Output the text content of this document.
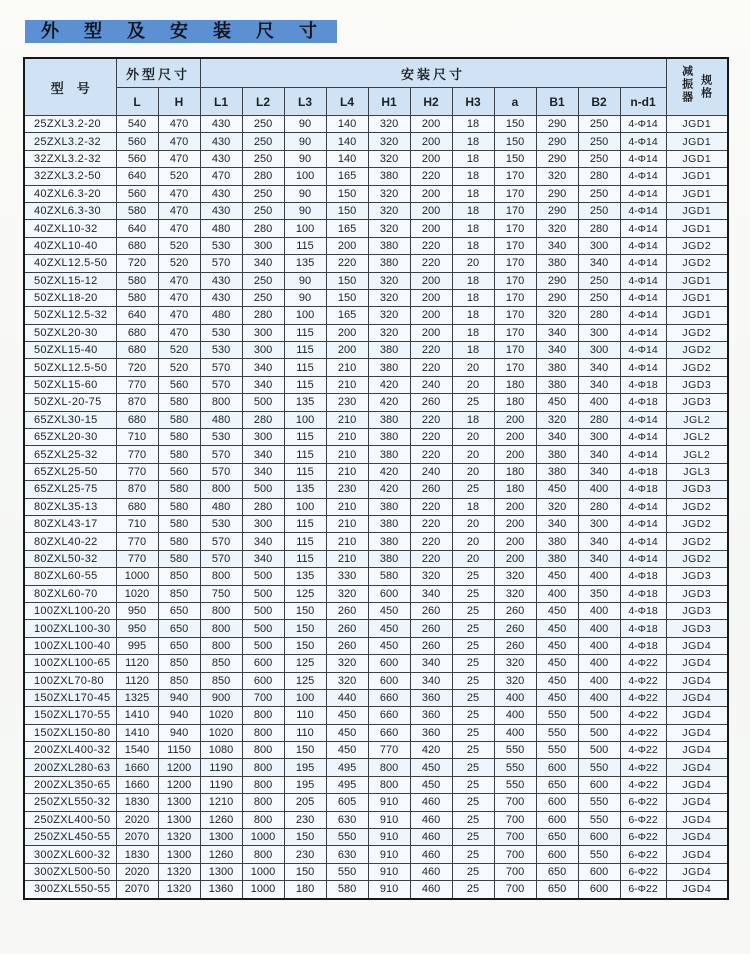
外 型 及 安 装 尺 寸
型　号	外型尺寸		安装尺寸											减振器 规格

	L	H	L1	L2	L3	L4	H1	H2	H3	a	B1	B2	n-d1	
25ZXL3.2-20	540	470	430	250	90	140	320	200	18	150	290	250	4-Φ14	JGD1
25ZXL3.2-32	560	470	430	250	90	140	320	200	18	150	290	250	4-Φ14	JGD1
32ZXL3.2-32	560	470	430	250	90	140	320	200	18	150	290	250	4-Φ14	JGD1
32ZXL3.2-50	640	520	470	280	100	165	380	220	18	170	320	280	4-Φ14	JGD1
40ZXL6.3-20	560	470	430	250	90	150	320	200	18	170	290	250	4-Φ14	JGD1
40ZXL6.3-30	580	470	430	250	90	150	320	200	18	170	290	250	4-Φ14	JGD1
40ZXL10-32	640	470	480	280	100	165	320	200	18	170	320	280	4-Φ14	JGD1
40ZXL10-40	680	520	530	300	115	200	380	220	18	170	340	300	4-Φ14	JGD2
40ZXL12.5-50	720	520	570	340	135	220	380	220	20	170	380	340	4-Φ14	JGD2
50ZXL15-12	580	470	430	250	90	150	320	200	18	170	290	250	4-Φ14	JGD1
50ZXL18-20	580	470	430	250	90	150	320	200	18	170	290	250	4-Φ14	JGD1
50ZXL12.5-32	640	470	480	280	100	165	320	200	18	170	320	280	4-Φ14	JGD1
50ZXL20-30	680	470	530	300	115	200	320	200	18	170	340	300	4-Φ14	JGD2
50ZXL15-40	680	520	530	300	115	200	380	220	18	170	340	300	4-Φ14	JGD2
50ZXL12.5-50	720	520	570	340	115	210	380	220	20	170	380	340	4-Φ14	JGD2
50ZXL15-60	770	560	570	340	115	210	420	240	20	180	380	340	4-Φ18	JGD3
50ZXL-20-75	870	580	800	500	135	230	420	260	25	180	450	400	4-Φ18	JGD3
65ZXL30-15	680	580	480	280	100	210	380	220	18	200	320	280	4-Φ14	JGL2
65ZXL20-30	710	580	530	300	115	210	380	220	20	200	340	300	4-Φ14	JGL2
65ZXL25-32	770	580	570	340	115	210	380	220	20	200	380	340	4-Φ14	JGL2
65ZXL25-50	770	560	570	340	115	210	420	240	20	180	380	340	4-Φ18	JGL3
65ZXL25-75	870	580	800	500	135	230	420	260	25	180	450	400	4-Φ18	JGD3
80ZXL35-13	680	580	480	280	100	210	380	220	18	200	320	280	4-Φ14	JGD2
80ZXL43-17	710	580	530	300	115	210	380	220	20	200	340	300	4-Φ14	JGD2
80ZXL40-22	770	580	570	340	115	210	380	220	20	200	380	340	4-Φ14	JGD2
80ZXL50-32	770	580	570	340	115	210	380	220	20	200	380	340	4-Φ14	JGD2
80ZXL60-55	1000	850	800	500	135	330	580	320	25	320	450	400	4-Φ18	JGD3
80ZXL60-70	1020	850	750	500	125	320	600	340	25	320	400	350	4-Φ18	JGD3
100ZXL100-20	950	650	800	500	150	260	450	260	25	260	450	400	4-Φ18	JGD3
100ZXL100-30	950	650	800	500	150	260	450	260	25	260	450	400	4-Φ18	JGD3
100ZXL100-40	995	650	800	500	150	260	450	260	25	260	450	400	4-Φ18	JGD4
100ZXL100-65	1120	850	850	600	125	320	600	340	25	320	450	400	4-Φ22	JGD4
100ZXL70-80	1120	850	850	600	125	320	600	340	25	320	450	400	4-Φ22	JGD4
150ZXL170-45	1325	940	900	700	100	440	660	360	25	400	450	400	4-Φ22	JGD4
150ZXL170-55	1410	940	1020	800	110	450	660	360	25	400	550	500	4-Φ22	JGD4
150ZXL150-80	1410	940	1020	800	110	450	660	360	25	400	550	500	4-Φ22	JGD4
200ZXL400-32	1540	1150	1080	800	150	450	770	420	25	550	550	500	4-Φ22	JGD4
200ZXL280-63	1660	1200	1190	800	195	495	800	450	25	550	600	550	4-Φ22	JGD4
200ZXL350-65	1660	1200	1190	800	195	495	800	450	25	550	650	600	4-Φ22	JGD4
250ZXL550-32	1830	1300	1210	800	205	605	910	460	25	700	600	550	6-Φ22	JGD4
250ZXL400-50	2020	1300	1260	800	230	630	910	460	25	700	600	550	6-Φ22	JGD4
250ZXL450-55	2070	1320	1300	1000	150	550	910	460	25	700	650	600	6-Φ22	JGD4
300ZXL600-32	1830	1300	1260	800	230	630	910	460	25	700	600	550	6-Φ22	JGD4
300ZXL500-50	2020	1320	1300	1000	150	550	910	460	25	700	650	600	6-Φ22	JGD4
300ZXL550-55	2070	1320	1360	1000	180	580	910	460	25	700	650	600	6-Φ22	JGD4
